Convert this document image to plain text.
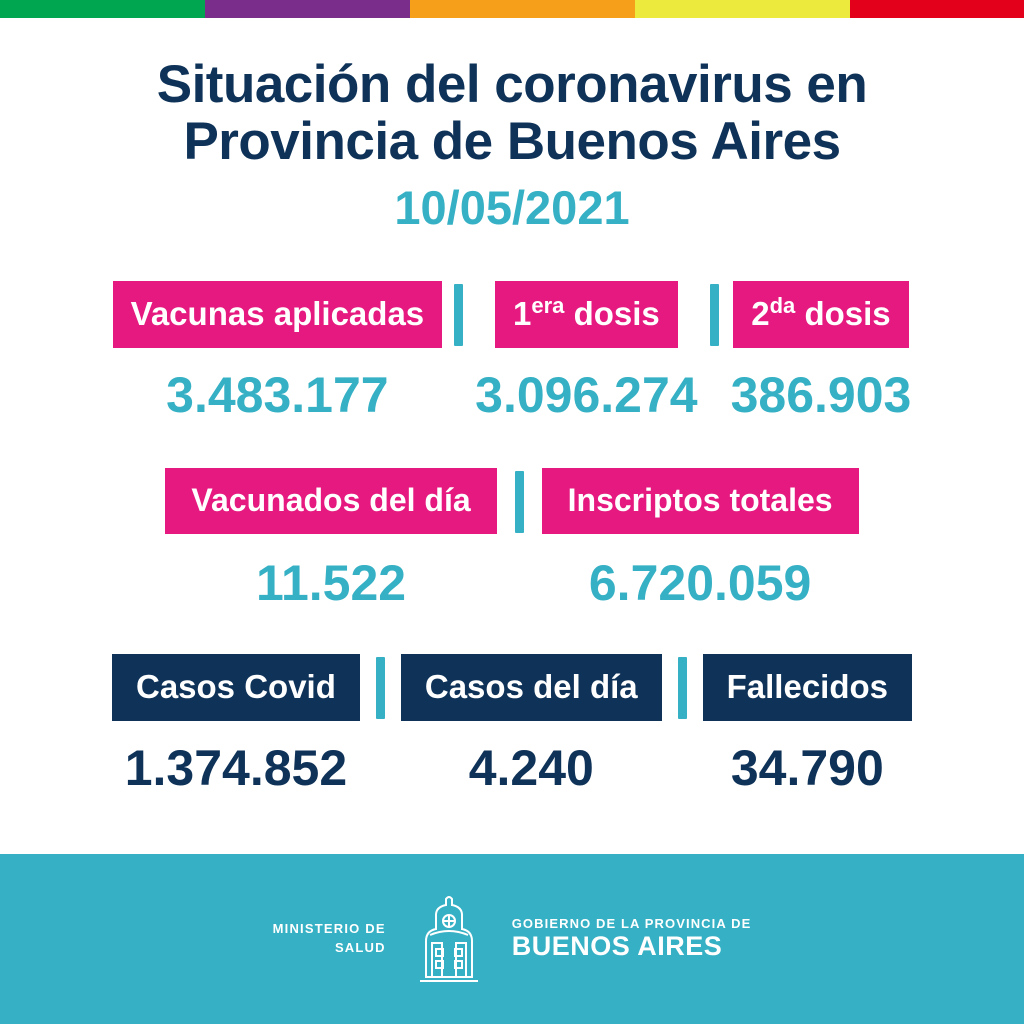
Situación del coronavirus en
Provincia de Buenos Aires
10/05/2021
Vacunas aplicadas
3.483.177
$1^{era}$ dosis
3.096.274
$2^{da}$ dosis
386.903
Vacunados del día
11.522
Inscriptos totales
6.720.059
Casos Covid
1.374.852
Casos del día
4.240
Fallecidos
34.790
MINISTERIO DE
SALUD
GOBIERNO DE LA PROVINCIA DE
BUENOS AIRES
